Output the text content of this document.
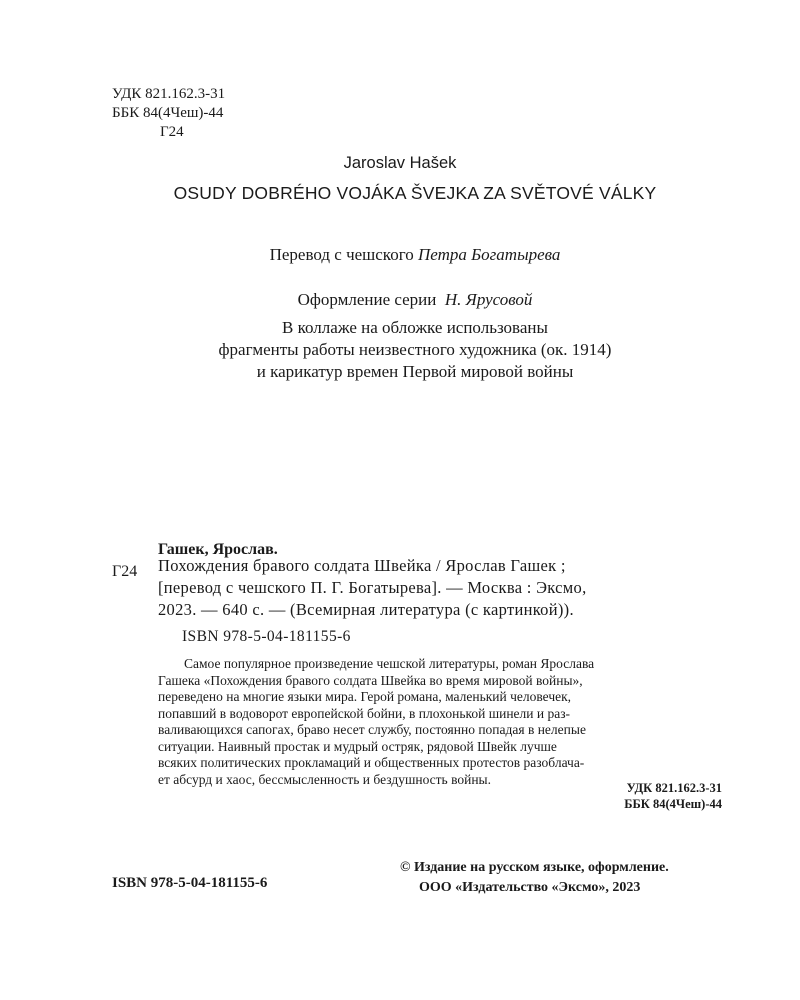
УДК 821.162.3-31
ББК 84(4Чеш)-44
Г24
Jaroslav Hašek
OSUDY DOBRÉHO VOJÁKA ŠVEJKA ZA SVĚTOVÉ VÁLKY
Перевод с чешского Петра Богатырева
Оформление серии Н. Ярусовой
В коллаже на обложке использованы
фрагменты работы неизвестного художника (ок. 1914)
и карикатур времен Первой мировой войны
Гашек, Ярослав.
Г24 Похождения бравого солдата Швейка / Ярослав Гашек ;
[перевод с чешского П. Г. Богатырева]. — Москва : Эксмо,
2023. — 640 с. — (Всемирная литература (с картинкой)).
ISBN 978-5-04-181155-6
Самое популярное произведение чешской литературы, роман Ярослава
Гашека «Похождения бравого солдата Швейка во время мировой войны»,
переведено на многие языки мира. Герой романа, маленький человечек,
попавший в водоворот европейской бойни, в плохонькой шинели и раз-
валивающихся сапогах, браво несет службу, постоянно попадая в нелепые
ситуации. Наивный простак и мудрый остряк, рядовой Швейк лучше
всяких политических прокламаций и общественных протестов разоблача-
ет абсурд и хаос, бессмысленность и бездушность войны.
УДК 821.162.3-31
ББК 84(4Чеш)-44
ISBN 978-5-04-181155-6
© Издание на русском языке, оформление.
ООО «Издательство «Эксмо», 2023
